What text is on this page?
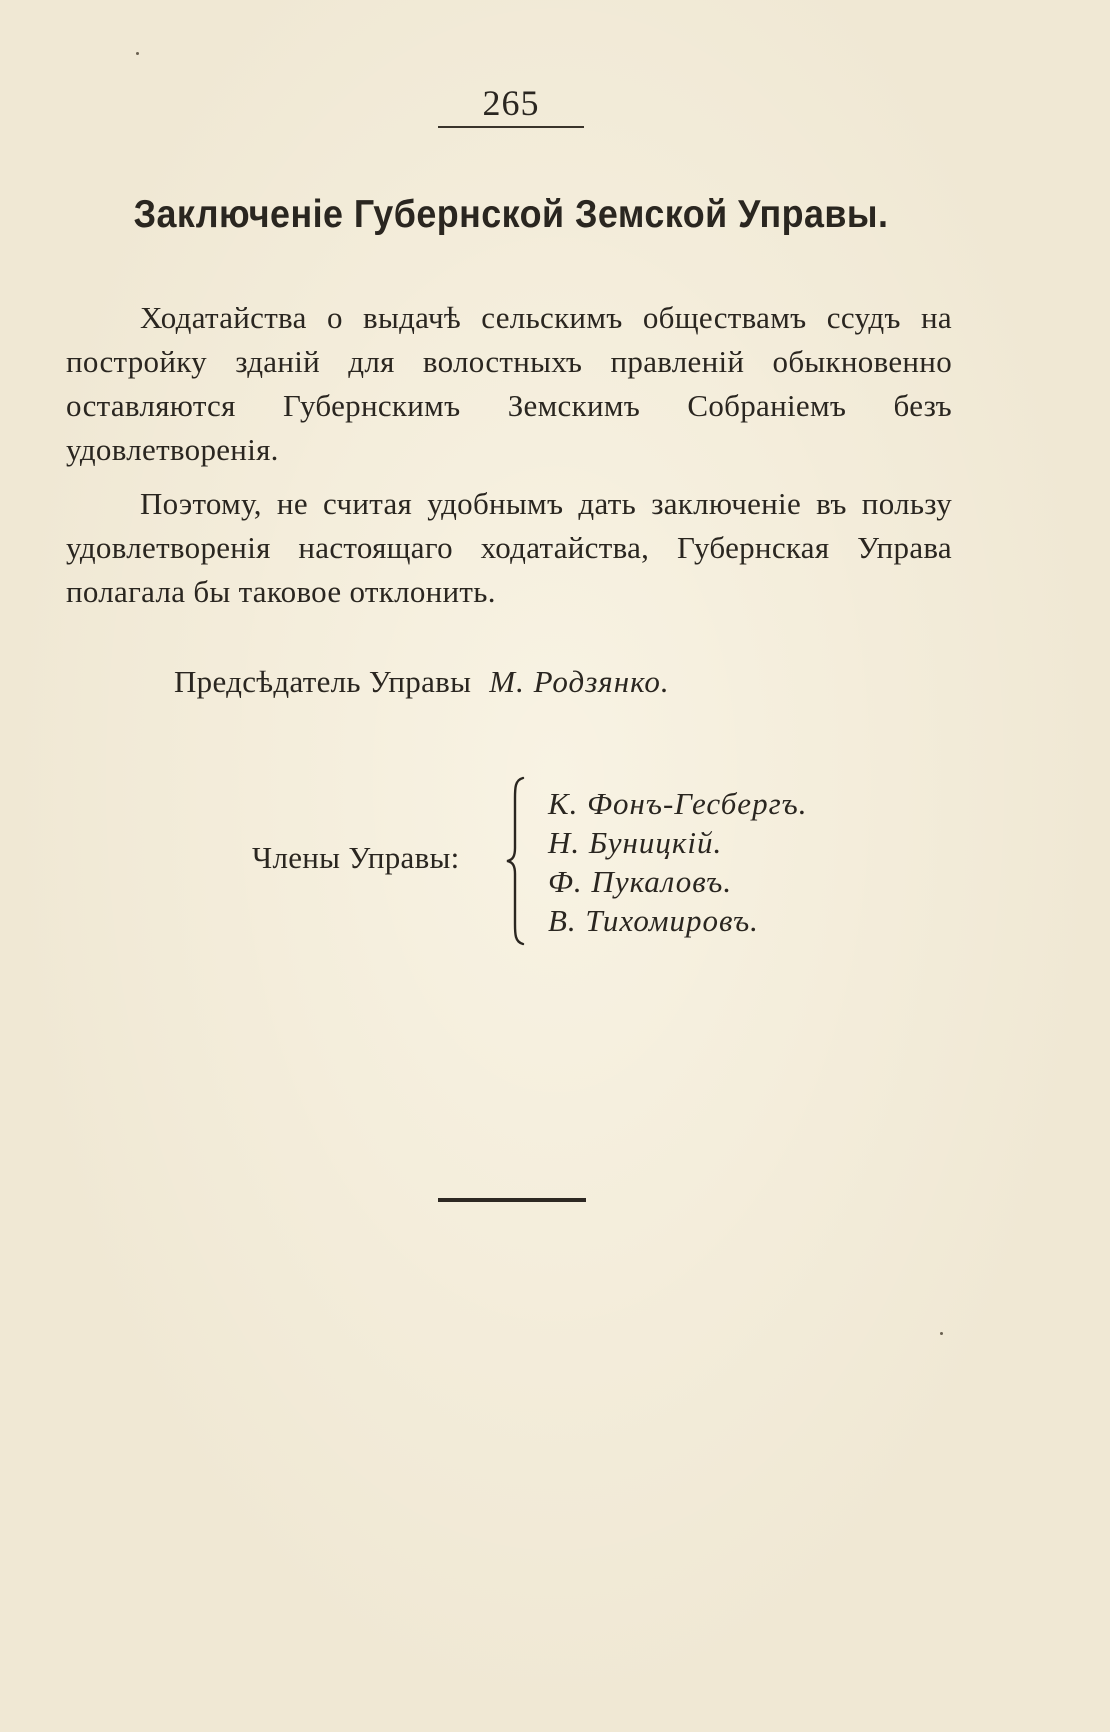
265
Заключеніе Губернской Земской Управы.

Ходатайства о выдачѣ сельскимъ обществамъ ссудъ на постройку зданій для волостныхъ правленій обыкновенно оставляются Губернскимъ Земскимъ Собраніемъ безъ удовлетворенія.

Поэтому, не считая удобнымъ дать заключеніе въ пользу удовлетворенія настоящаго ходатайства, Губернская Управа полагала бы таковое отклонить.

Предсѣдатель Управы М. Родзянко.
Члены Управы:
К. Фонъ-Гесбергъ.
Н. Буницкій.
Ф. Пукаловъ.
В. Тихомировъ.
